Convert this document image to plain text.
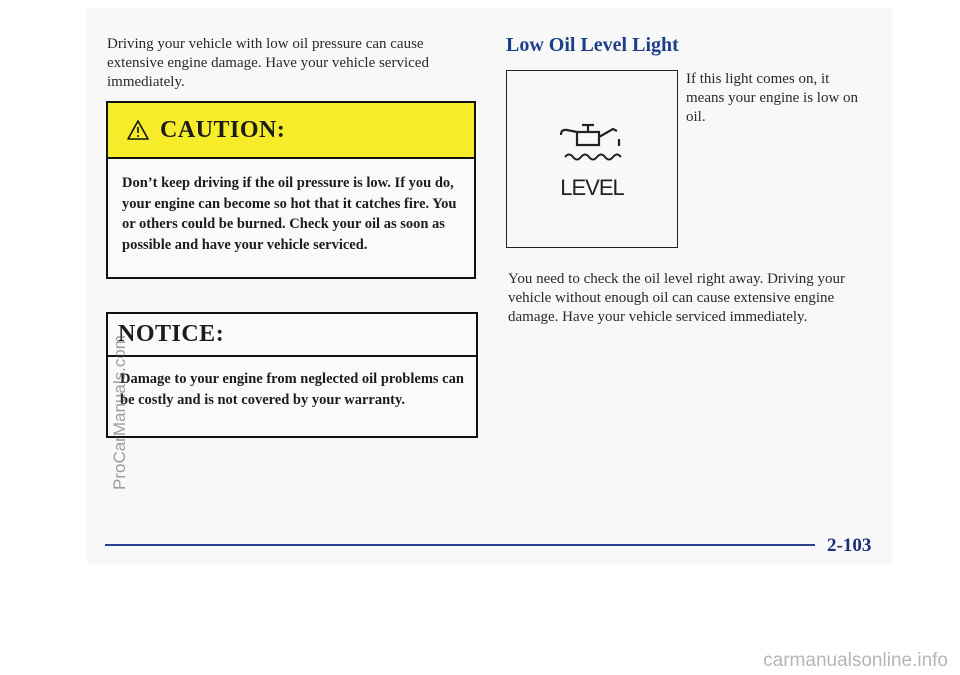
Driving your vehicle with low oil pressure can cause extensive engine damage. Have your vehicle serviced immediately.
CAUTION:
Don’t keep driving if the oil pressure is low. If you do, your engine can become so hot that it catches fire. You or others could be burned. Check your oil as soon as possible and have your vehicle serviced.
NOTICE:
Damage to your engine from neglected oil problems can be costly and is not covered by your warranty.
Low Oil Level Light
LEVEL
If this light comes on, it means your engine is low on oil.
You need to check the oil level right away. Driving your vehicle without enough oil can cause extensive engine damage. Have your vehicle serviced immediately.
2-103
ProCarManuals.com
carmanualsonline.info
